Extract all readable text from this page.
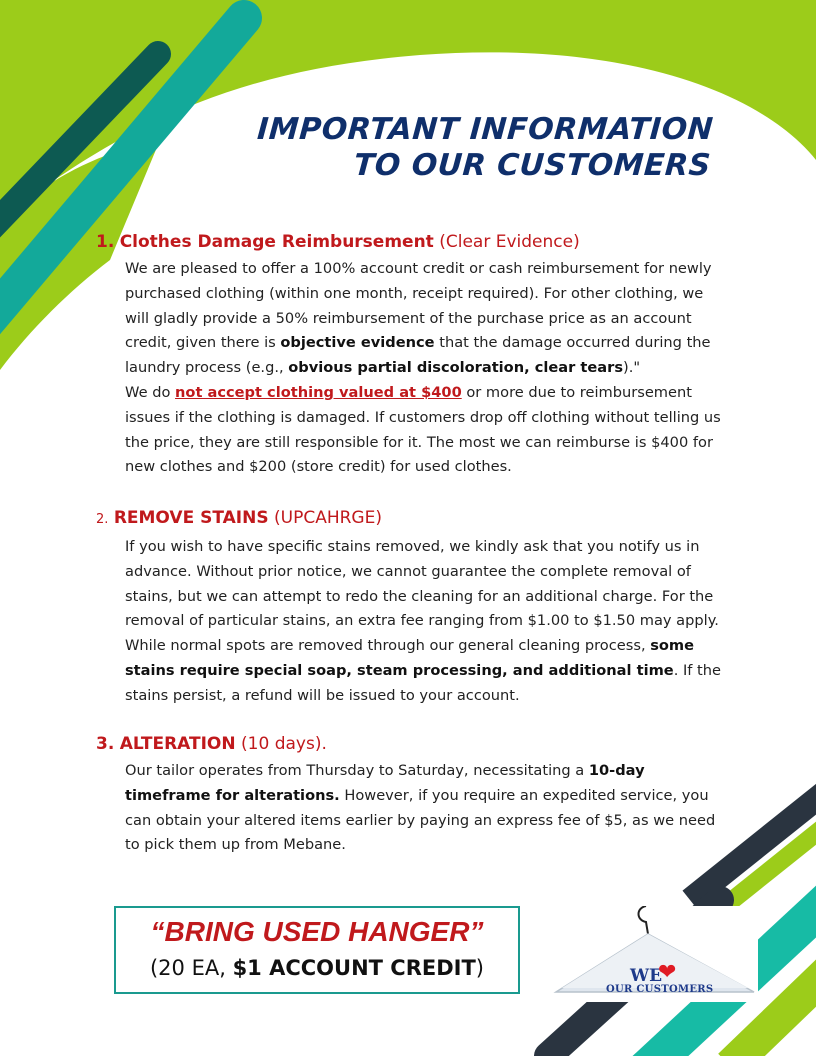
IMPORTANT INFORMATION
TO OUR CUSTOMERS

1. Clothes Damage Reimbursement (Clear Evidence)

We are pleased to offer a 100% account credit or cash reimbursement for newly purchased clothing (within one month, receipt required). For other clothing, we will gladly provide a 50% reimbursement of the purchase price as an account credit, given there is objective evidence that the damage occurred during the laundry process (e.g., obvious partial discoloration, clear tears)."
We do not accept clothing valued at $400 or more due to reimbursement issues if the clothing is damaged. If customers drop off clothing without telling us the price, they are still responsible for it. The most we can reimburse is $400 for new clothes and $200 (store credit) for used clothes.

2. REMOVE STAINS (UPCAHRGE)

If you wish to have specific stains removed, we kindly ask that you notify us in advance. Without prior notice, we cannot guarantee the complete removal of stains, but we can attempt to redo the cleaning for an additional charge. For the removal of particular stains, an extra fee ranging from $1.00 to $1.50 may apply. While normal spots are removed through our general cleaning process, some stains require special soap, steam processing, and additional time. If the stains persist, a refund will be issued to your account.

3. ALTERATION (10 days).

Our tailor operates from Thursday to Saturday, necessitating a 10-day timeframe for alterations. However, if you require an expedited service, you can obtain your altered items earlier by paying an express fee of $5, as we need to pick them up from Mebane.
“BRING USED HANGER”
(20 EA, $1 ACCOUNT CREDIT)	WE
❤
OUR CUSTOMERS
